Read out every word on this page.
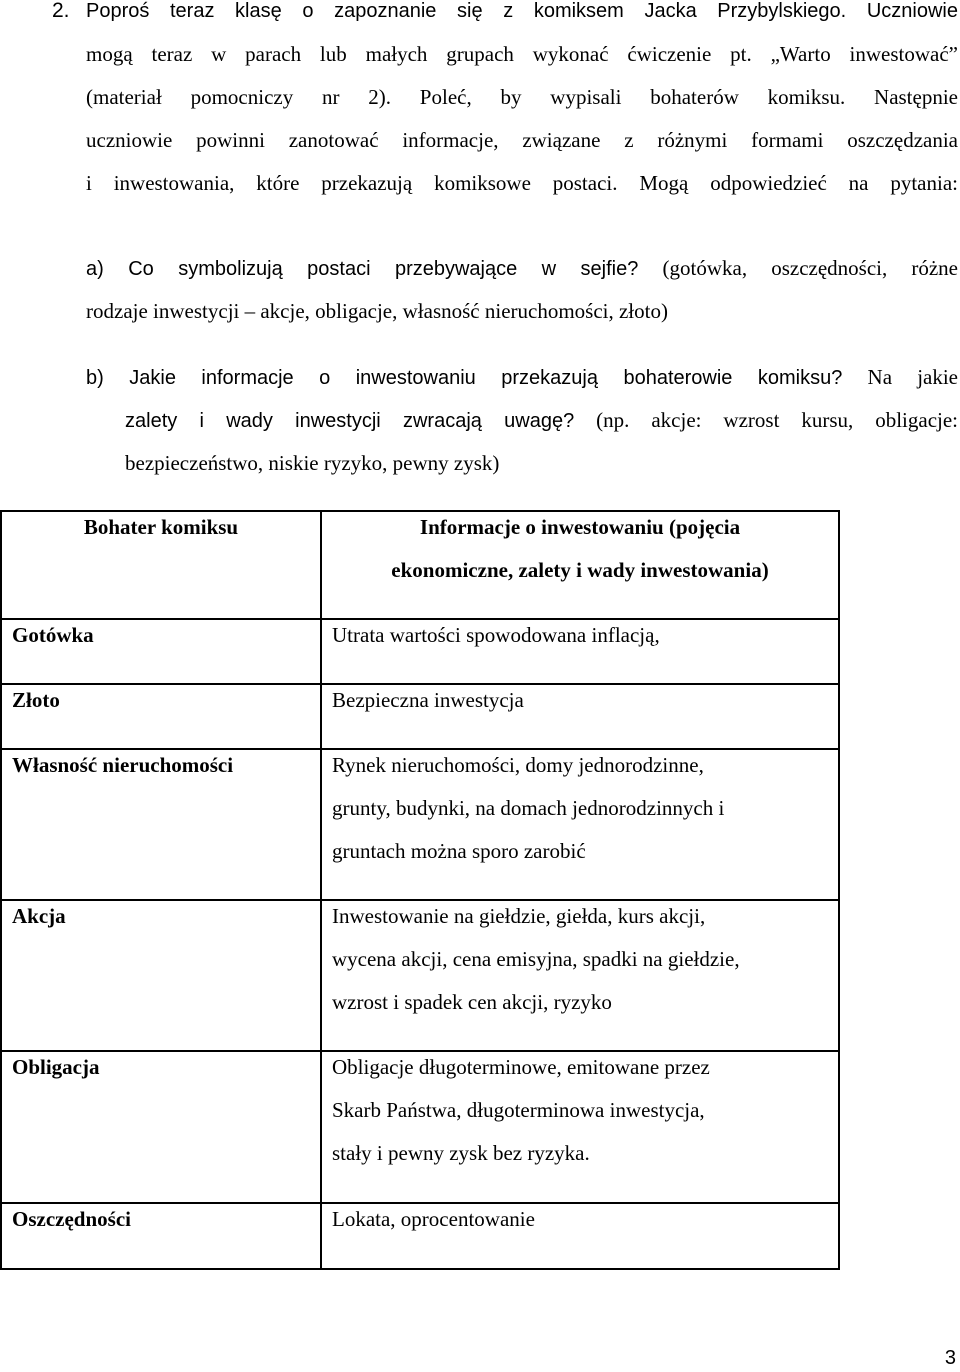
2. Poproś teraz klasę o zapoznanie się z komiksem Jacka Przybylskiego. Uczniowie
mogą teraz w parach lub małych grupach wykonać ćwiczenie pt. „Warto inwestować”
(materiał pomocniczy nr 2). Poleć, by wypisali bohaterów komiksu. Następnie
uczniowie powinni zanotować informacje, związane z różnymi formami oszczędzania
i inwestowania, które przekazują komiksowe postaci. Mogą odpowiedzieć na pytania:
a) Co symbolizują postaci przebywające w sejfie? (gotówka, oszczędności, różne
rodzaje inwestycji – akcje, obligacje, własność nieruchomości, złoto)
b) Jakie informacje o inwestowaniu przekazują bohaterowie komiksu? Na jakie
zalety i wady inwestycji zwracają uwagę? (np. akcje: wzrost kursu, obligacje:
bezpieczeństwo, niskie ryzyko, pewny zysk)
Bohater komiksu	Informacje o inwestowaniu (pojęcia
ekonomiczne, zalety i wady inwestowania)
Gotówka	Utrata wartości spowodowana inflacją,
Złoto	Bezpieczna inwestycja
Własność nieruchomości	Rynek nieruchomości, domy jednorodzinne,
grunty, budynki, na domach jednorodzinnych i
gruntach można sporo zarobić
Akcja	Inwestowanie na giełdzie, giełda, kurs akcji,
wycena akcji, cena emisyjna, spadki na giełdzie,
wzrost i spadek cen akcji, ryzyko
Obligacja	Obligacje długoterminowe, emitowane przez
Skarb Państwa, długoterminowa inwestycja,
stały i pewny zysk bez ryzyka.
Oszczędności	Lokata, oprocentowanie
3
